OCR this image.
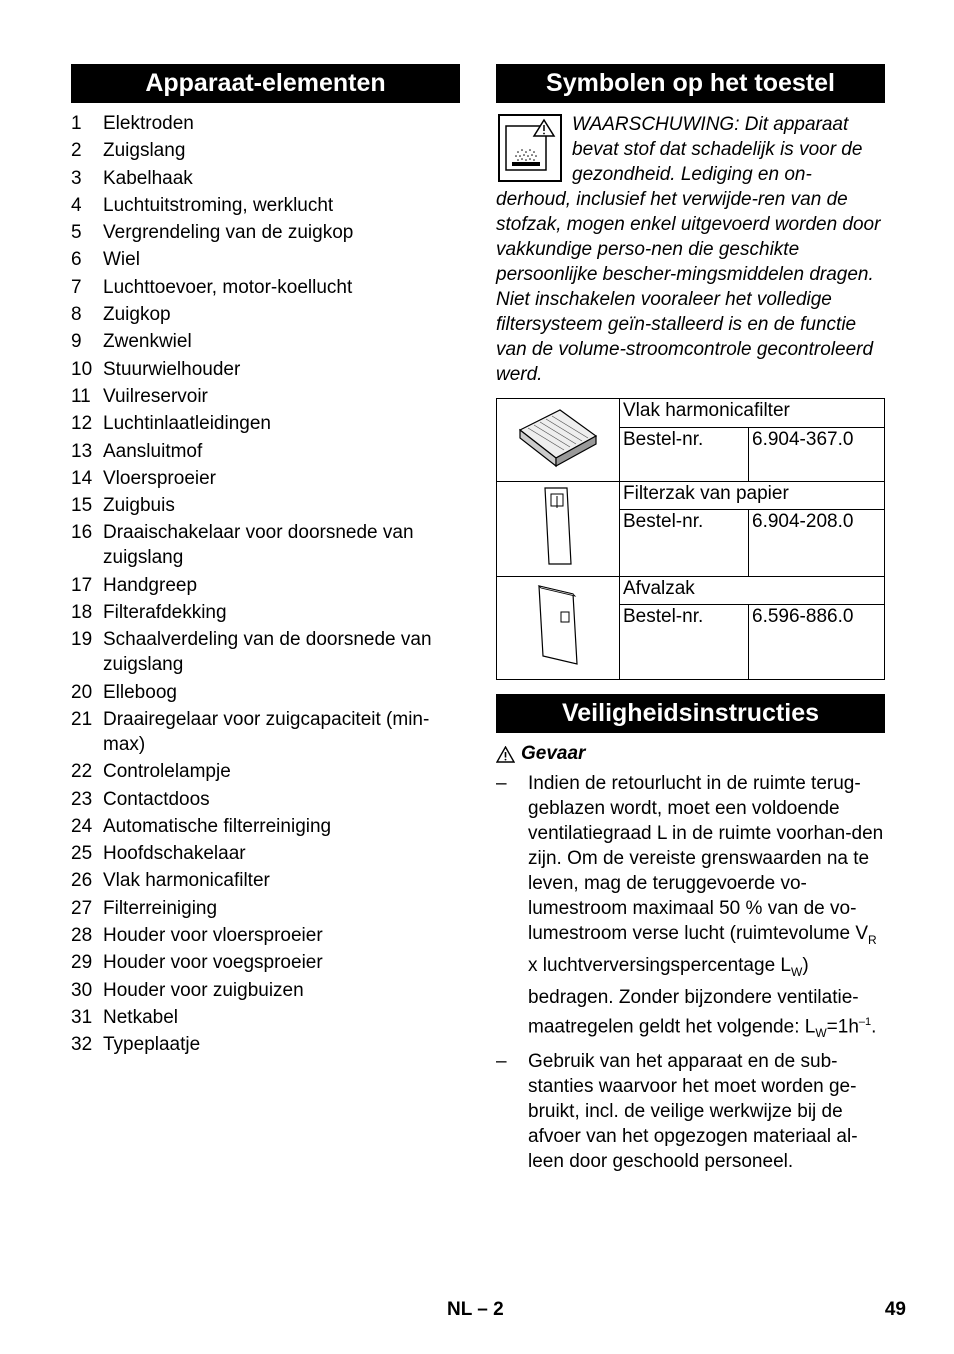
Apparaat-elementen
1	Elektroden
2	Zuigslang
3	Kabelhaak
4	Luchtuitstroming, werklucht
5	Vergrendeling van de zuigkop
6	Wiel
7	Luchttoevoer, motor-koellucht
8	Zuigkop
9	Zwenkwiel
10 Stuurwielhouder
11 Vuilreservoir
12 Luchtinlaatleidingen
13 Aansluitmof
14 Vloersproeier
15 Zuigbuis
16 Draaischakelaar voor doorsnede van zuigslang
17 Handgreep
18 Filterafdekking
19 Schaalverdeling van de doorsnede van zuigslang
20 Elleboog
21 Draairegelaar voor zuigcapaciteit (min-max)
22 Controlelampje
23 Contactdoos
24 Automatische filterreiniging
25 Hoofdschakelaar
26 Vlak harmonicafilter
27 Filterreiniging
28 Houder voor vloersproeier
29 Houder voor voegsproeier
30 Houder voor zuigbuizen
31 Netkabel
32 Typeplaatje
Symbolen op het toestel
WAARSCHUWING: Dit apparaat bevat stof dat schadelijk is voor de gezondheid. Lediging en on-derhoud, inclusief het verwijde-ren van de stofzak, mogen enkel uitgevoerd worden door vakkundige perso-nen die geschikte persoonlijke bescher-mingsmiddelen dragen. Niet inschakelen vooraleer het volledige filtersysteem geïn-stalleerd is en de functie van de volume-stroomcontrole gecontroleerd werd.
	Vlak harmonicafilter	
	Bestel-nr.	6.904-367.0
	Filterzak van papier	
	Bestel-nr.	6.904-208.0
	Afvalzak	
	Bestel-nr.	6.596-886.0
Veiligheidsinstructies
Gevaar
–	Indien de retourlucht in de ruimte terug-geblazen wordt, moet een voldoende ventilatiegraad L in de ruimte voorhan-den zijn. Om de vereiste grenswaarden na te leven, mag de teruggevoerde vo-lumestroom maximaal 50 % van de vo-lumestroom verse lucht (ruimtevolume $V_R$ x luchtverversingspercentage $L_W$) bedragen. Zonder bijzondere ventilatie-maatregelen geldt het volgende: $L_W=1h^{-1}$.
–	Gebruik van het apparaat en de sub-stanties waarvoor het moet worden ge-bruikt, incl. de veilige werkwijze bij de afvoer van het opgezogen materiaal al-leen door geschoold personeel.
NL – 2	49
